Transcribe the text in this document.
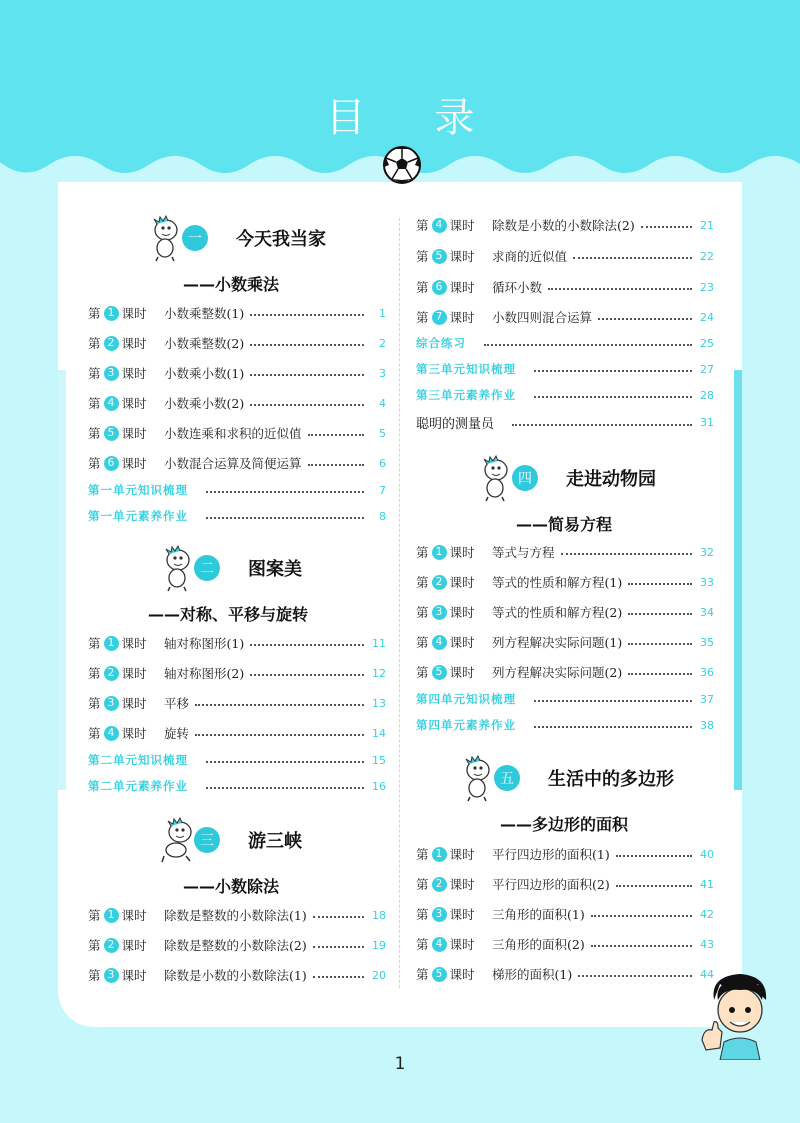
目 录
一	今天我当家
——小数乘法
第 1 课时 小数乘整数(1)	1
第 2 课时 小数乘整数(2)	2
第 3 课时 小数乘小数(1)	3
第 4 课时 小数乘小数(2)	4
第 5 课时 小数连乘和求积的近似值	5
第 6 课时 小数混合运算及简便运算	6
第一单元知识梳理	7
第一单元素养作业	8
二	图案美
——对称、平移与旋转
第 1 课时 轴对称图形(1)	11
第 2 课时 轴对称图形(2)	12
第 3 课时 平移	13
第 4 课时 旋转	14
第二单元知识梳理	15
第二单元素养作业	16
三	游三峡
——小数除法
第 1 课时 除数是整数的小数除法(1)	18
第 2 课时 除数是整数的小数除法(2)	19
第 3 课时 除数是小数的小数除法(1)	20
第 4 课时 除数是小数的小数除法(2)	21
第 5 课时 求商的近似值	22
第 6 课时 循环小数	23
第 7 课时 小数四则混合运算	24
综合练习	25
第三单元知识梳理	27
第三单元素养作业	28
聪明的测量员	31
四	走进动物园
——简易方程
第 1 课时 等式与方程	32
第 2 课时 等式的性质和解方程(1)	33
第 3 课时 等式的性质和解方程(2)	34
第 4 课时 列方程解决实际问题(1)	35
第 5 课时 列方程解决实际问题(2)	36
第四单元知识梳理	37
第四单元素养作业	38
五	生活中的多边形
——多边形的面积
第 1 课时 平行四边形的面积(1)	40
第 2 课时 平行四边形的面积(2)	41
第 3 课时 三角形的面积(1)	42
第 4 课时 三角形的面积(2)	43
第 5 课时 梯形的面积(1)	44
1
